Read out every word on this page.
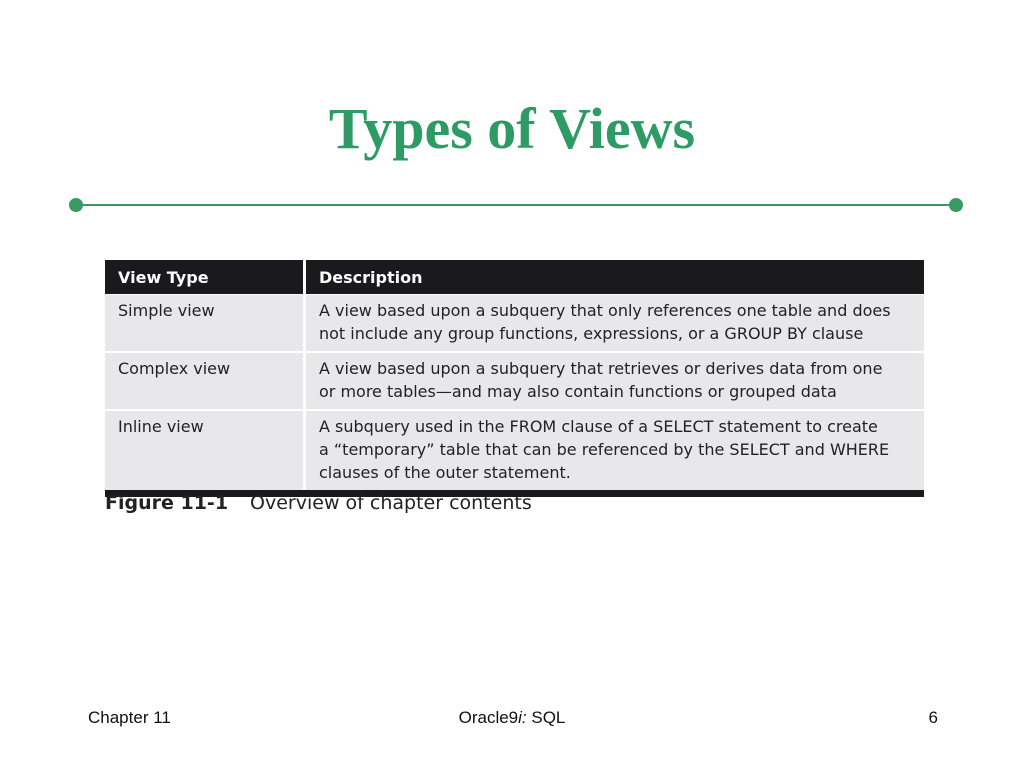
Types of Views
View Type	Description
Simple view	A view based upon a subquery that only references one table and does
not include any group functions, expressions, or a GROUP BY clause

Complex view	A view based upon a subquery that retrieves or derives data from one
or more tables—and may also contain functions or grouped data

Inline view	A subquery used in the FROM clause of a SELECT statement to create
a “temporary” table that can be referenced by the SELECT and WHERE
clauses of the outer statement.
Figure 11-1 Overview of chapter contents
Chapter 11	Oracle9i: SQL	6
